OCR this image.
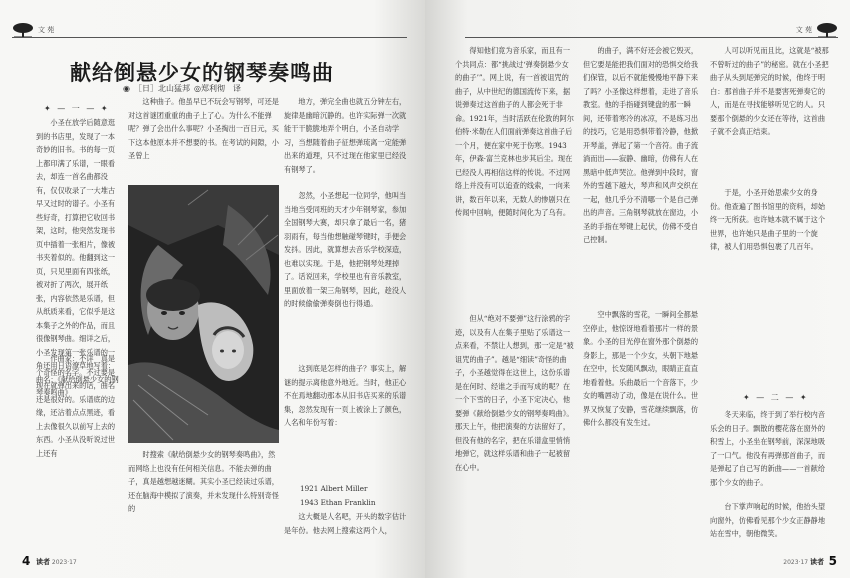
文 苑
献给倒悬少女的钢琴奏鸣曲
◉ ［日］北山猛邦 ◎郑利彻　译
✦ — 一 — ✦

小圣在放学后随意逛到的书店里，发现了一本奇妙的旧书。书的每一页上都印满了乐谱，一眼看去，却连一首名曲都没有，仅仅收录了一大堆古早又过时的谱子。小圣有些好奇，打算把它收回书架，这时，他突然发现书页中插着一张相片，像被书夹着似的。他翻到这一页，只见里面有四张纸，被对折了两次，展开纸张，内容依然是乐谱，但从纸质来看，它似乎是这本集子之外的作品，而且很像钢琴曲。细详之后，小圣发现第一张乐谱的一角还用日语潦草地写着：曲名：《献给倒悬少女的钢琴奏鸣曲》

作曲家：不详　真是个奇怪的名字。不过要是现在就弹出来的话，曲名还是很好的。乐谱底的边缘，还沾着点点黑迹，看上去像很久以前写上去的东西。小圣从没听说过世上还有

这种曲子。他虽早已不玩会写钢琴，可还是对这首谜团重重的曲子上了心。为什么不能弹呢？弹了会出什么事呢？小圣掏出一百日元，买下这本他原本并不想要的书。在考试的间隙，小圣曾上

时搜索《献给倒悬少女的钢琴奏鸣曲》，然而网络上也没有任何相关信息。不能去弹的曲子，真是越想越迷糊。其实小圣已经读过乐谱，还在脑海中模拟了演奏，并未发现什么特别奇怪的

地方，弹完全曲也就五分钟左右，旋律是幽暗沉静的。也许实际弹一次就能干干脆脆地弄个明白，小圣自动学习，当想随着曲子征想弹琉离一定能弹出来的道理，只不过现在他家里已经没有钢琴了。

忽然，小圣想起一位同学，他叫当当地当受同班的天才少年钢琴家，参加全国钢琴大赛，却只拿了最后一名，猪羽雨有，每当他想触碰琴键时，手便会发抖。因此，就算想去音乐学校深造，也难以实现。于是，他把钢琴处理掉了。话说回来，学校里也有音乐教室，里面放着一架三角钢琴，因此，趁没人的时候偷偷弹奏倒也行得通。

这到底是怎样的曲子？事实上，解谜的提示离他意外地近。当时，他正心不在焉地翻动那本从旧书店买来的乐谱集，忽然发现有一页上被涂上了颜色，人名和年份写着：

1921 Albert Miller
1943 Ethan Franklin

这大概是人名吧，开头的数字估计是年份。他去网上搜索这两个人，

4 读者 2023·17
文 苑

得知他们竟为音乐家，而且有一个共同点：都“挑战过‘弹奏倒悬少女的曲子’”。网上说，有一首被诅咒的曲子，从中世纪的德国流传下来，据说弹奏过这首曲子的人都会死于非命。1921年，当时活跃在伦敦的阿尔伯特·米勒在人们面前弹奏这首曲子后一个月，便在家中死于伤寒。1943年，伊森·富兰克林也步其后尘。现在已经没人再相信这样的传说。不过网络上并没有可以追查的线索，一向来讲，数百年以来，无数人的惨剧只在传闻中回响，便随时间化为了乌有。

但从“绝对不要弹”这行涂鸦的字迹，以及有人在集子里贴了乐谱这一点来看，不禁让人想到，那一定是“被诅咒的曲子”。越是“细读”奇怪的曲子，小圣越觉得在这世上，这份乐谱是在何时、经谁之手而写成的呢？在一个下雪的日子，小圣下定决心，他要弹《献给倒悬少女的钢琴奏鸣曲》。那天上午，他把演奏的方法留好了，但没有他的名字，把在乐谱盒里悄悄地弹它，就这样乐谱和曲子一起被留在心中。

的曲子，满不好还会被它毁灭，但它要是能把我们面对的恐惧交给我们保管，以后不就能慢慢地平静下来了吗？小圣像这样想着，走进了音乐教室。他的手指碰到键盘的那一瞬间，还带着寒冷的冰凉，不是练习出的技巧，它是用恐惧带着冷静，他掀开琴盖，弹起了第一个音符。曲子流淌而出——寂静、幽暗，仿佛有人在黑暗中低声哭泣。他弹到中段时，窗外的雪越下越大，琴声和风声交织在一起，他几乎分不清哪一个是自己弹出的声音。三角钢琴就放在窗边，小圣的手指在琴键上起伏，仿佛不受自己控制。

空中飘落的雪花，一瞬间全都悬空停止，他惊讶地看着那片一样的景象。小圣的目光停在窗外那个倒悬的身影上，那是一个少女，头朝下地悬在空中，长发随风飘动，眼睛正直直地看着他。乐曲最后一个音落下，少女的嘴唇动了动，像是在说什么。世界又恢复了安静，雪花继续飘落，仿佛什么都没有发生过。

人可以听见而且比，这就是“被那不曾听过的曲子”的秘密。就在小圣把曲子从头到尾弹完的时候，他终于明白：那首曲子并不是要害死弹奏它的人，而是在寻找能够听见它的人。只要那个倒悬的少女还在等待，这首曲子就不会真正结束。

于是，小圣开始思索少女的身份。他查遍了图书馆里的资料，却始终一无所获。也许她本就不属于这个世界，也许她只是曲子里的一个旋律，被人们用恐惧包裹了几百年。

✦ — 二 — ✦

冬天来临，终于到了举行校内音乐会的日子。飘散的樱花落在窗外的积雪上，小圣坐在钢琴前，深深地吸了一口气。他没有再弹那首曲子，而是弹起了自己写的新曲——一首献给那个少女的曲子。

台下掌声响起的时候，他抬头望向窗外，仿佛看见那个少女正静静地站在雪中，朝他微笑。

2023·17 读者 5
